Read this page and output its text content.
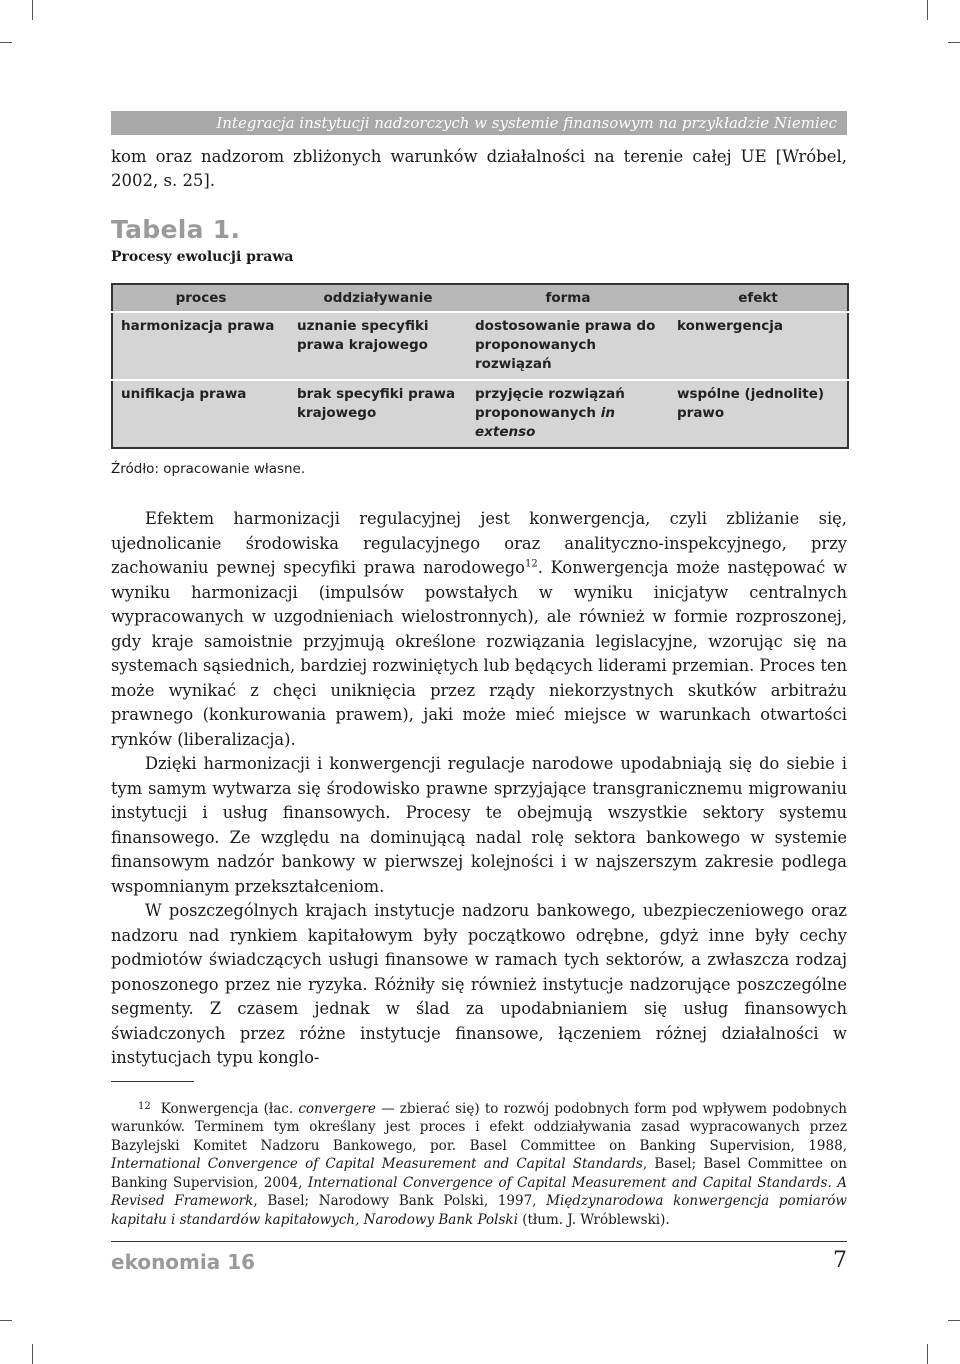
Integracja instytucji nadzorczych w systemie finansowym na przykładzie Niemiec

kom oraz nadzorom zbliżonych warunków działalności na terenie całej UE [Wróbel, 2002, s. 25].

Tabela 1.
Procesy ewolucji prawa
proces	oddziaływanie	forma	efekt
harmonizacja prawa	uznanie specyfiki prawa krajowego	dostosowanie prawa do proponowanych rozwiązań	konwergencja
unifikacja prawa	brak specyfiki prawa krajowego	przyjęcie rozwiązań proponowanych in extenso	wspólne (jednolite) prawo
Źródło: opracowanie własne.

Efektem harmonizacji regulacyjnej jest konwergencja, czyli zbliżanie się, ujednolicanie środowiska regulacyjnego oraz analityczno-inspekcyjnego, przy zachowaniu pewnej specyfiki prawa narodowego$^{12}$. Konwergencja może następować w wyniku harmonizacji (impulsów powstałych w wyniku inicjatyw centralnych wypracowanych w uzgodnieniach wielostronnych), ale również w formie rozproszonej, gdy kraje samoistnie przyjmują określone rozwiązania legislacyjne, wzorując się na systemach sąsiednich, bardziej rozwiniętych lub będących liderami przemian. Proces ten może wynikać z chęci uniknięcia przez rządy niekorzystnych skutków arbitrażu prawnego (konkurowania prawem), jaki może mieć miejsce w warunkach otwartości rynków (liberalizacja).

Dzięki harmonizacji i konwergencji regulacje narodowe upodabniają się do siebie i tym samym wytwarza się środowisko prawne sprzyjające transgranicznemu migrowaniu instytucji i usług finansowych. Procesy te obejmują wszystkie sektory systemu finansowego. Ze względu na dominującą nadal rolę sektora bankowego w systemie finansowym nadzór bankowy w pierwszej kolejności i w najszerszym zakresie podlega wspomnianym przekształceniom.

W poszczególnych krajach instytucje nadzoru bankowego, ubezpieczeniowego oraz nadzoru nad rynkiem kapitałowym były początkowo odrębne, gdyż inne były cechy podmiotów świadczących usługi finansowe w ramach tych sektorów, a zwłaszcza rodzaj ponoszonego przez nie ryzyka. Różniły się również instytucje nadzorujące poszczególne segmenty. Z czasem jednak w ślad za upodabnianiem się usług finansowych świadczonych przez różne instytucje finansowe, łączeniem różnej działalności w instytucjach typu konglo-

$^{12}$ Konwergencja (łac. convergere — zbierać się) to rozwój podobnych form pod wpływem podobnych warunków. Terminem tym określany jest proces i efekt oddziaływania zasad wypracowanych przez Bazylejski Komitet Nadzoru Bankowego, por. Basel Committee on Banking Supervision, 1988, International Convergence of Capital Measurement and Capital Standards, Basel; Basel Committee on Banking Supervision, 2004, International Convergence of Capital Measurement and Capital Standards. A Revised Framework, Basel; Narodowy Bank Polski, 1997, Międzynarodowa konwergencja pomiarów kapitału i standardów kapitałowych, Narodowy Bank Polski (tłum. J. Wróblewski).

ekonomia 16	7
